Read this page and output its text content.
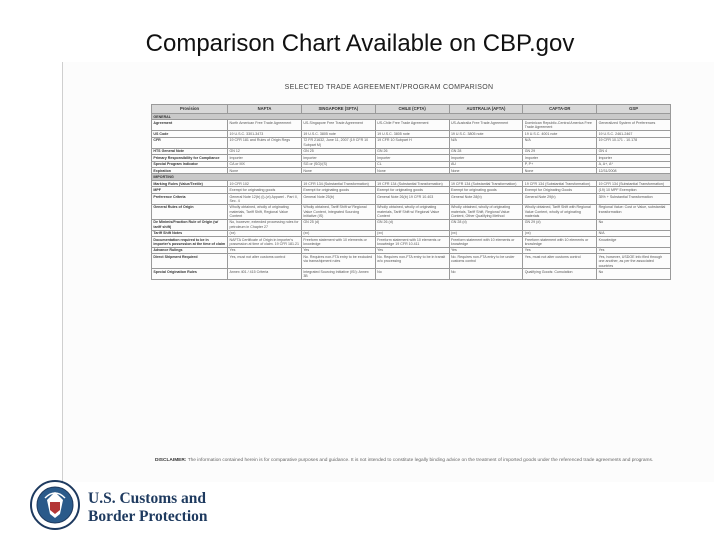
Comparison Chart Available on CBP.gov
SELECTED TRADE AGREEMENT/PROGRAM COMPARISON
Provision	NAFTA	SINGAPORE (SFTA)	CHILE (CFTA)	AUSTRALIA (AFTA)	CAFTA-DR	GSP
GENERAL						
Agreement	North American Free Trade Agreement	US-Singapore Free Trade Agreement	US-Chile Free Trade Agreement	US-Australia Free Trade Agreement	Dominican Republic-Central America Free Trade Agreement	Generalized System of Preferences
US Code	19 U.S.C. 3301-3473	19 U.S.C. 3805 note	19 U.S.C. 3805 note	19 U.S.C. 3805 note	19 U.S.C. 4001 note	19 U.S.C. 2461-2467
CFR	19 CFR 181 and Rules of Origin Regs	72 FR 21632, June 11, 2007 (19 CFR 10 Subpart M)	19 CFR 10 Subpart H	N/A	N/A	19 CFR 10.171 - 10.178
HTS General Note	GN 12	GN 25	GN 26	GN 28	GN 29	GN 4
Primary Responsibility for Compliance	Importer	Importer	Importer	Importer	Importer	Importer
Special Program Indicator	CA or MX	SG or (SG)/(S)	CL	AU	P, P+	A, A+, A*
Expiration	None	None	None	None	None	12/31/2008
IMPORTING						
Marking Rules (Value/Textile)	19 CFR 102	19 CFR 134 (Substantial Transformation)	19 CFR 134 (Substantial Transformation)	19 CFR 134 (Substantial Transformation)	19 CFR 134 (Substantial Transformation)	19 CFR 134 (Substantial Transformation)
MPF	Exempt for originating goods	Exempt for originating goods	Exempt for originating goods	Exempt for originating goods	Exempt for Originating Goods	(19) 10 MPF Exemption
Preference Criteria	General Note 12(b) (i)-(vi) Apparel - Part II, Sec. 4	General Note 25(b)	General Note 26(b) 19 CFR 10.403	General Note 28(b)	General Note 29(b)	35% + Substantial Transformation
General Rules of Origin	Wholly obtained, wholly of originating materials, Tariff Shift, Regional Value Content	Wholly obtained, Tariff Shift w/ Regional Value Content, Integrated Sourcing Initiative (IS)	Wholly obtained, wholly of originating materials, Tariff Shift w/ Regional Value Content	Wholly obtained, wholly of originating materials, Tariff Shift, Regional Value Content, Other Qualifying Method	Wholly obtained, Tariff Shift with Regional Value Content, wholly of originating materials	Regional Value: Cost or Value, substantial transformation
De Minimis/Fraction Rule of Origin (w/ tariff shift)	No, however, extended processing rules for petroleum in Chapter 27	GN 25 (d)	GN 26 (d)	GN 28 (d)	GN 29 (d)	No
Tariff Shift Notes	(xx)	(xx)	(xx)	(xx)	(xx)	N/A
Documentation required to be in importer's possession at the time of claim	NAFTA Certificate of Origin in importer's possession at time of claim. 19 CFR 181.21	Freeform statement with 10 elements or knowledge	Freeform statement with 10 elements or knowledge 19 CFR 10.411	Freeform statement with 10 elements or knowledge	Freeform statement with 10 elements or knowledge	Knowledge
Advance Rulings	Yes	Yes	Yes	Yes	Yes	Yes
Direct Shipment Required	Yes, must not alter customs control	No. Requires non-FTA entry to be excluded via transshipment rules	No. Requires non-FTA entry to be in transit w/o processing	No. Requires non-FTA entry to be under customs control	Yes, must not alter customs control	Yes, however, USDOE info filed through one another, as per the associated countries
Special Origination Rules	Annex 401 / 415 Criteria	Integrated Sourcing Initiative (ISI): Annex 3B	No	No	Qualifying Goods: Cumulation	No
DISCLAIMER: The information contained herein is for comparative purposes and guidance. It is not intended to constitute legally binding advice on the treatment of imported goods under the referenced trade agreements and programs.
U.S. Customs and
Border Protection
